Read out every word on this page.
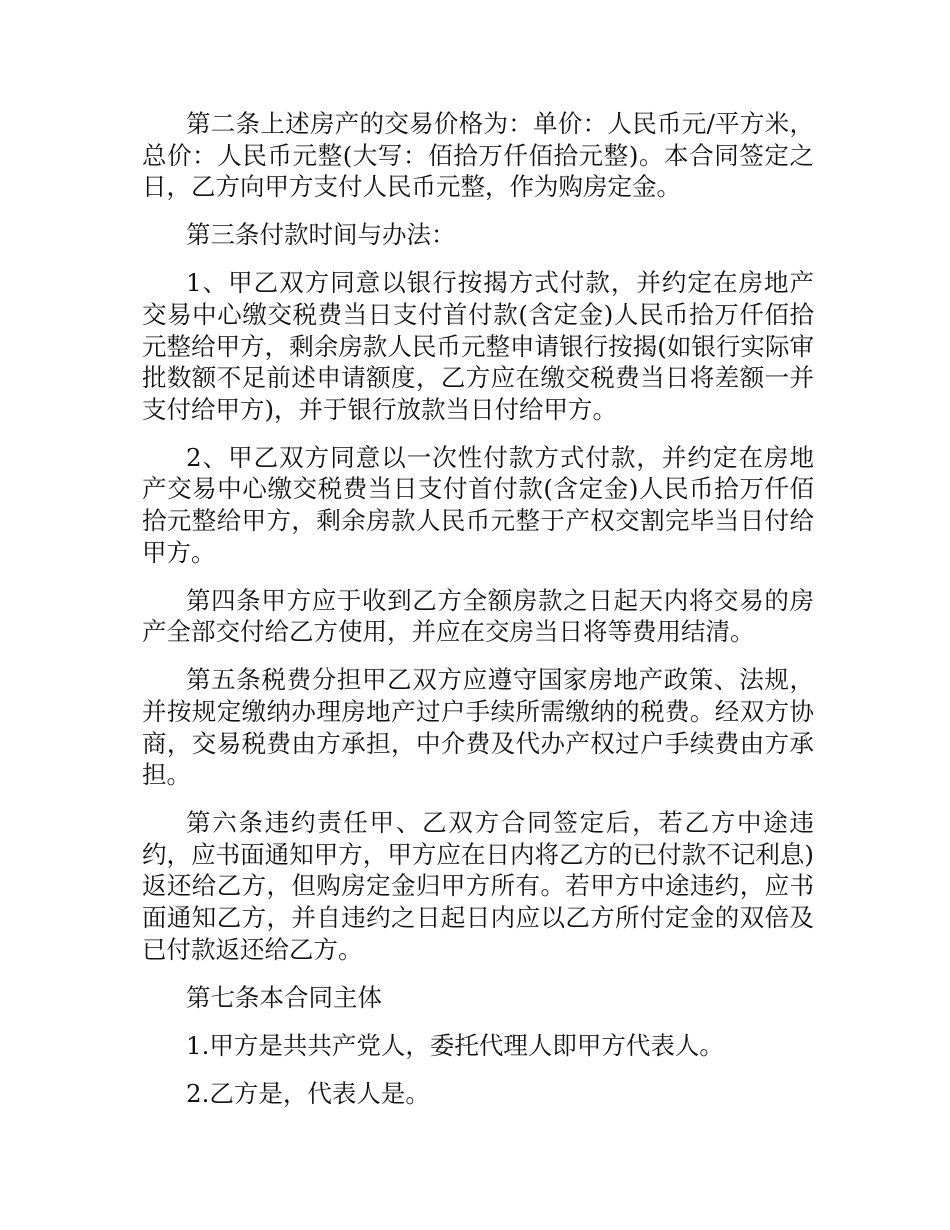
第二条上述房产的交易价格为：单价：人民币元/平方米，总价：人民币元整(大写：佰拾万仟佰拾元整)。本合同签定之日，乙方向甲方支付人民币元整，作为购房定金。

第三条付款时间与办法：

1、甲乙双方同意以银行按揭方式付款，并约定在房地产交易中心缴交税费当日支付首付款(含定金)人民币拾万仟佰拾元整给甲方，剩余房款人民币元整申请银行按揭(如银行实际审批数额不足前述申请额度，乙方应在缴交税费当日将差额一并支付给甲方)，并于银行放款当日付给甲方。

2、甲乙双方同意以一次性付款方式付款，并约定在房地产交易中心缴交税费当日支付首付款(含定金)人民币拾万仟佰拾元整给甲方，剩余房款人民币元整于产权交割完毕当日付给甲方。

第四条甲方应于收到乙方全额房款之日起天内将交易的房产全部交付给乙方使用，并应在交房当日将等费用结清。

第五条税费分担甲乙双方应遵守国家房地产政策、法规，并按规定缴纳办理房地产过户手续所需缴纳的税费。经双方协商，交易税费由方承担，中介费及代办产权过户手续费由方承担。

第六条违约责任甲、乙双方合同签定后，若乙方中途违约，应书面通知甲方，甲方应在日内将乙方的已付款不记利息)返还给乙方，但购房定金归甲方所有。若甲方中途违约，应书面通知乙方，并自违约之日起日内应以乙方所付定金的双倍及已付款返还给乙方。

第七条本合同主体

1.甲方是共共产党人，委托代理人即甲方代表人。

2.乙方是，代表人是。
